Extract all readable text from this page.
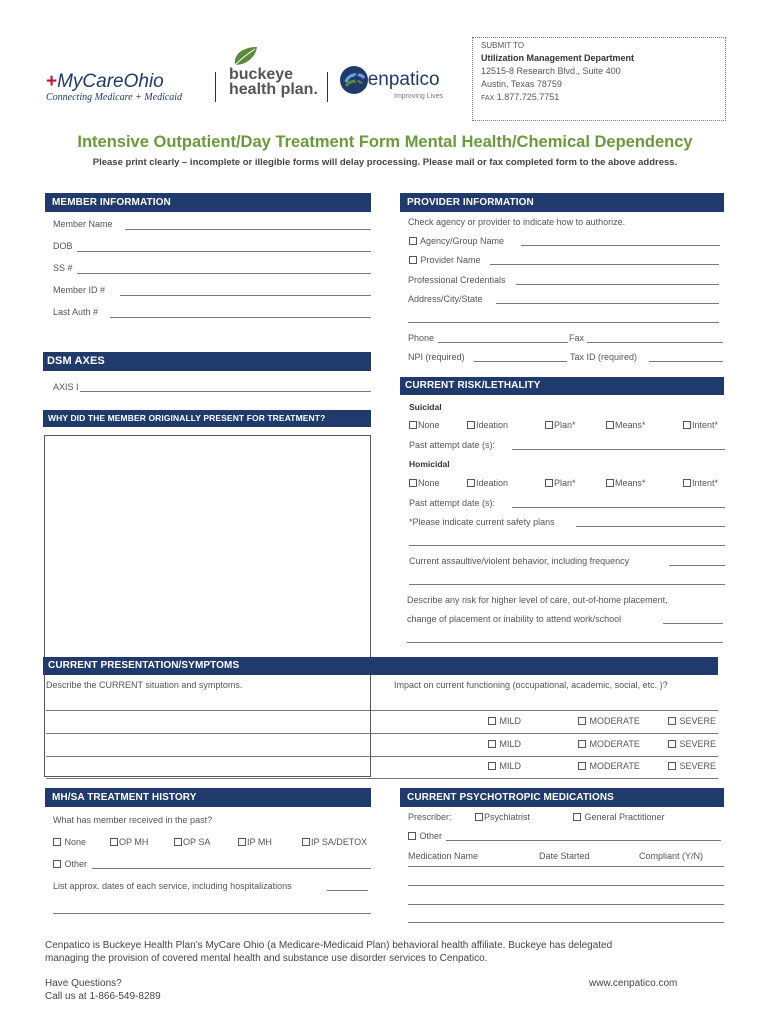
SUBMIT TO
Utilization Management Department
12515-8 Research Blvd., Suite 400
Austin, Texas 78759
FAX 1.877.725.7751
+MyCareOhio
Connecting Medicare + Medicaid
buckeye
health plan.	Cenpatico
Improving Lives
Intensive Outpatient/Day Treatment Form Mental Health/Chemical Dependency
Please print clearly – incomplete or illegible forms will delay processing. Please mail or fax completed form to the above address.
MEMBER INFORMATION
Member Name
DOB
SS #
Member ID #
Last Auth #
DSM AXES
AXIS I
WHY DID THE MEMBER ORIGINALLY PRESENT FOR TREATMENT?
PROVIDER INFORMATION
Check agency or provider to indicate how to authorize.
Agency/Group Name
Provider Name
Professional Credentials
Address/City/State
Phone	Fax
NPI (required)	Tax ID (required)
CURRENT RISK/LETHALITY
Suicidal
None	Ideation	Plan*	Means*	Intent*
Past attempt date (s):
Homicidal
None	Ideation	Plan*	Means*	Intent*
Past attempt date (s):
*Please indicate current safety plans
Current assaultive/violent behavior, including frequency
Describe any risk for higher level of care, out-of-home placement,
change of placement or inability to attend work/school
CURRENT PRESENTATION/SYMPTOMS
Describe the CURRENT situation and symptoms.	Impact on current functioning (occupational, academic, social, etc. )?
MILD	MODERATE	SEVERE
MILD	MODERATE	SEVERE
MILD	MODERATE	SEVERE
MH/SA TREATMENT HISTORY
What has member received in the past?
None	OP MH	OP SA	IP MH	IP SA/DETOX
Other
List approx. dates of each service, including hospitalizations
CURRENT PSYCHOTROPIC MEDICATIONS
Prescriber:	Psychiatrist	General Practitioner
Other
Medication Name	Date Started	Compliant (Y/N)
Cenpatico is Buckeye Health Plan’s MyCare Ohio (a Medicare-Medicaid Plan) behavioral health affiliate. Buckeye has delegated
managing the provision of covered mental health and substance use disorder services to Cenpatico.
Have Questions?
Call us at 1-866-549-8289
www.cenpatico.com
